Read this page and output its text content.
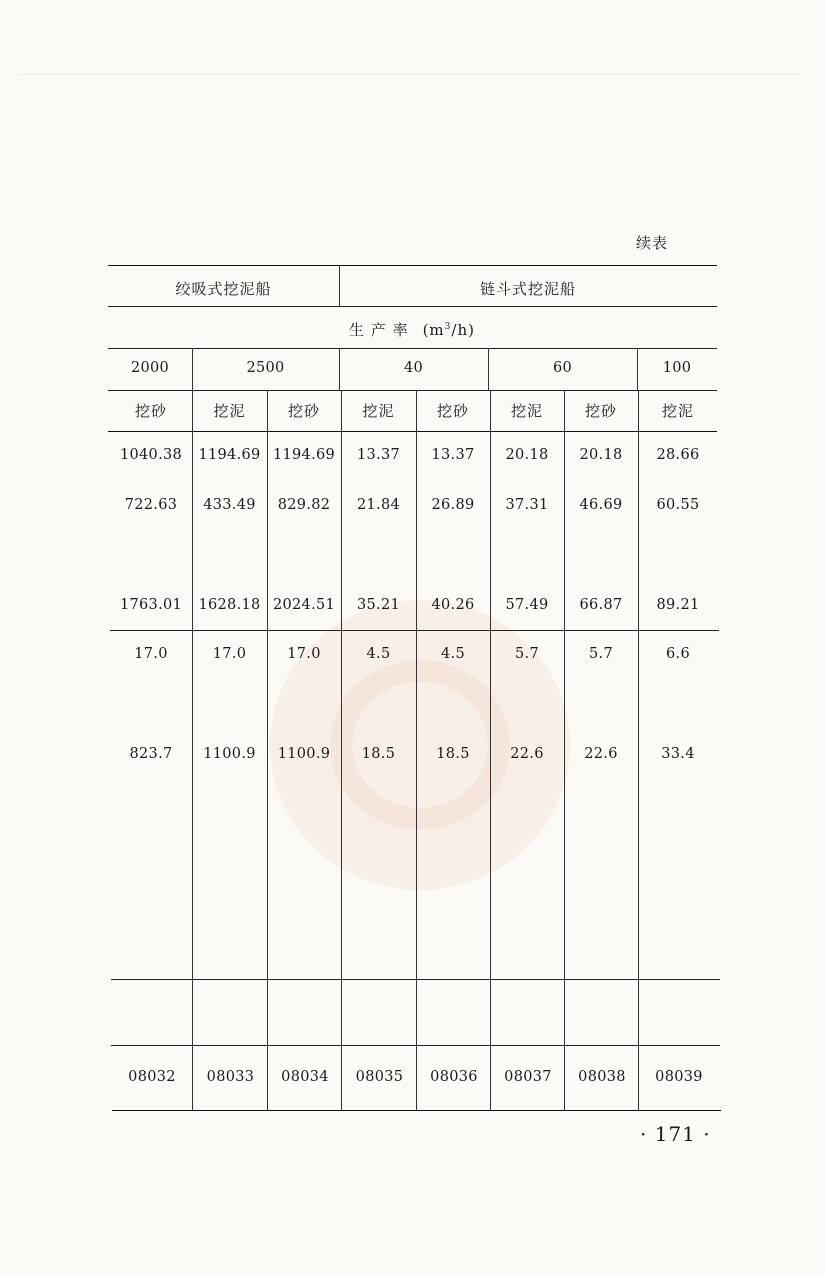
续表
绞吸式挖泥船	链斗式挖泥船
生 产 率 $(m^3/h)$
2000	2500	40	60	100
挖砂	挖泥	挖砂	挖泥	挖砂	挖泥	挖砂	挖泥
1040.38 1194.69 1194.69 13.37 13.37 20.18 20.18 28.66
722.63 433.49 829.82 21.84 26.89 37.31 46.69 60.55
1763.01 1628.18 2024.51 35.21 40.26 57.49 66.87 89.21
17.0	17.0	17.0	4.5	4.5	5.7	5.7	6.6
823.7 1100.9 1100.9 18.5	18.5	22.6	22.6	33.4
08032 08033 08034 08035 08036 08037 08038 08039
· 171 ·
